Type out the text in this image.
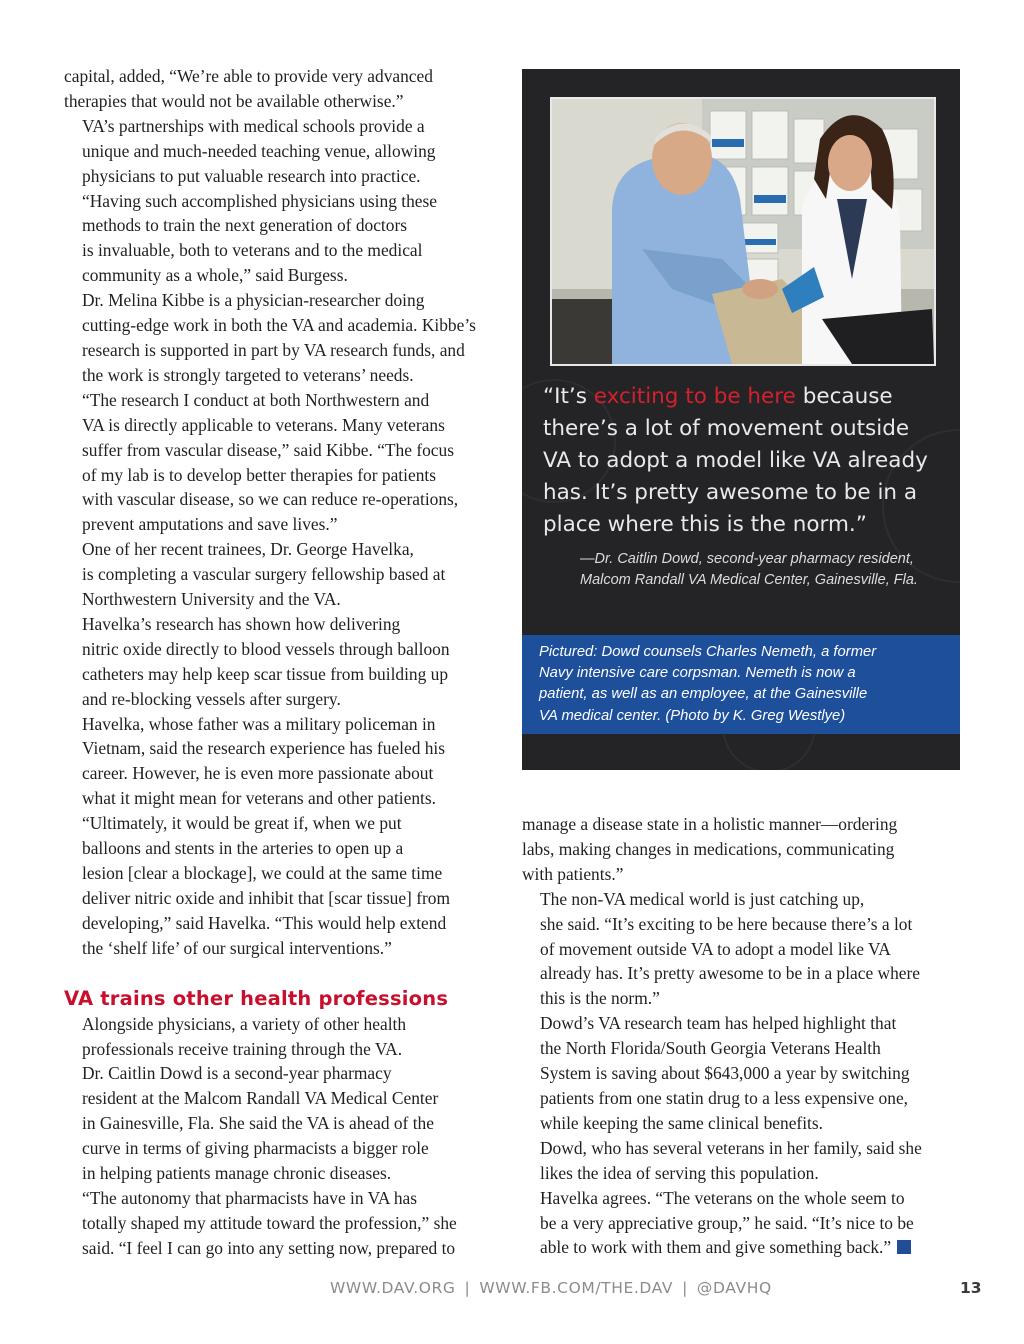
capital, added, “We’re able to provide very advanced
therapies that would not be available otherwise.”

VA’s partnerships with medical schools provide a
unique and much-needed teaching venue, allowing
physicians to put valuable research into practice.

“Having such accomplished physicians using these
methods to train the next generation of doctors
is invaluable, both to veterans and to the medical
community as a whole,” said Burgess.

Dr. Melina Kibbe is a physician-researcher doing
cutting-edge work in both the VA and academia. Kibbe’s
research is supported in part by VA research funds, and
the work is strongly targeted to veterans’ needs.

“The research I conduct at both Northwestern and
VA is directly applicable to veterans. Many veterans
suffer from vascular disease,” said Kibbe. “The focus
of my lab is to develop better therapies for patients
with vascular disease, so we can reduce re-operations,
prevent amputations and save lives.”

One of her recent trainees, Dr. George Havelka,
is completing a vascular surgery fellowship based at
Northwestern University and the VA.

Havelka’s research has shown how delivering
nitric oxide directly to blood vessels through balloon
catheters may help keep scar tissue from building up
and re-blocking vessels after surgery.

Havelka, whose father was a military policeman in
Vietnam, said the research experience has fueled his
career. However, he is even more passionate about
what it might mean for veterans and other patients.

“Ultimately, it would be great if, when we put
balloons and stents in the arteries to open up a
lesion [clear a blockage], we could at the same time
deliver nitric oxide and inhibit that [scar tissue] from
developing,” said Havelka. “This would help extend
the ‘shelf life’ of our surgical interventions.”

VA trains other health professions

Alongside physicians, a variety of other health
professionals receive training through the VA.

Dr. Caitlin Dowd is a second-year pharmacy
resident at the Malcom Randall VA Medical Center
in Gainesville, Fla. She said the VA is ahead of the
curve in terms of giving pharmacists a bigger role
in helping patients manage chronic diseases.

“The autonomy that pharmacists have in VA has
totally shaped my attitude toward the profession,” she
said. “I feel I can go into any setting now, prepared to

“It’s exciting to be here because
there’s a lot of movement outside
VA to adopt a model like VA already
has. It’s pretty awesome to be in a
place where this is the norm.”
—Dr. Caitlin Dowd, second-year pharmacy resident,
Malcom Randall VA Medical Center, Gainesville, Fla.
Pictured: Dowd counsels Charles Nemeth, a former
Navy intensive care corpsman. Nemeth is now a
patient, as well as an employee, at the Gainesville
VA medical center. (Photo by K. Greg Westlye)

manage a disease state in a holistic manner—ordering
labs, making changes in medications, communicating
with patients.”

The non-VA medical world is just catching up,
she said. “It’s exciting to be here because there’s a lot
of movement outside VA to adopt a model like VA
already has. It’s pretty awesome to be in a place where
this is the norm.”

Dowd’s VA research team has helped highlight that
the North Florida/South Georgia Veterans Health
System is saving about $643,000 a year by switching
patients from one statin drug to a less expensive one,
while keeping the same clinical benefits.

Dowd, who has several veterans in her family, said she
likes the idea of serving this population.

Havelka agrees. “The veterans on the whole seem to
be a very appreciative group,” he said. “It’s nice to be
able to work with them and give something back.”

WWW.DAV.ORG | WWW.FB.COM/THE.DAV | @DAVHQ	13
